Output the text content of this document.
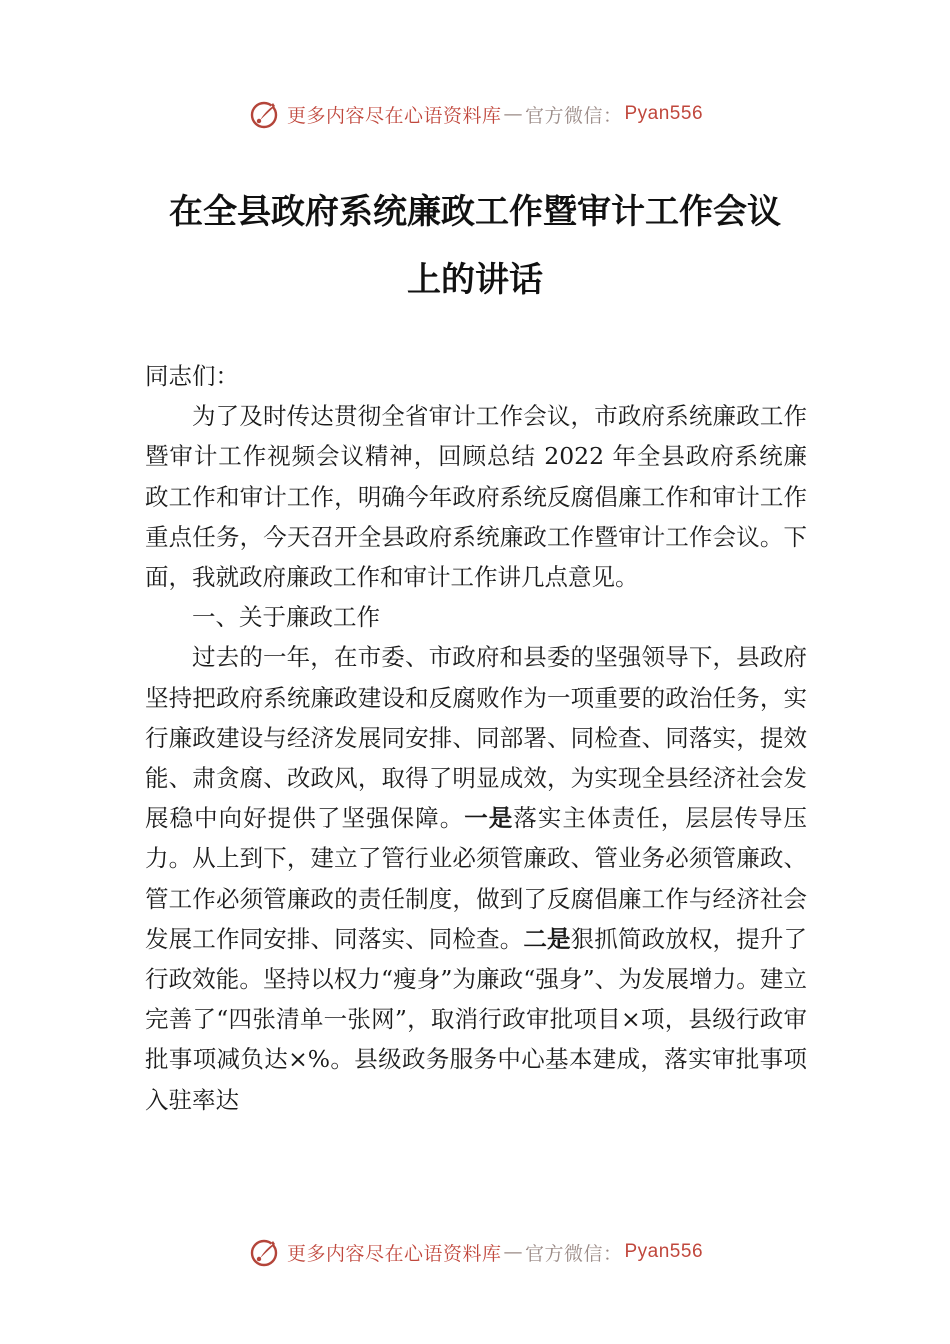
更多内容尽在心语资料库 — 官方微信： Pyan556
在全县政府系统廉政工作暨审计工作会议
上的讲话

同志们：

为了及时传达贯彻全省审计工作会议，市政府系统廉政工作暨审计工作视频会议精神，回顾总结 2022 年全县政府系统廉政工作和审计工作，明确今年政府系统反腐倡廉工作和审计工作重点任务，今天召开全县政府系统廉政工作暨审计工作会议。下面，我就政府廉政工作和审计工作讲几点意见。

一、关于廉政工作

过去的一年，在市委、市政府和县委的坚强领导下，县政府坚持把政府系统廉政建设和反腐败作为一项重要的政治任务，实行廉政建设与经济发展同安排、同部署、同检查、同落实，提效能、肃贪腐、改政风，取得了明显成效，为实现全县经济社会发展稳中向好提供了坚强保障。一是落实主体责任，层层传导压力。从上到下，建立了管行业必须管廉政、管业务必须管廉政、管工作必须管廉政的责任制度，做到了反腐倡廉工作与经济社会发展工作同安排、同落实、同检查。二是狠抓简政放权，提升了行政效能。坚持以权力“瘦身”为廉政“强身”、为发展增力。建立完善了“四张清单一张网”，取消行政审批项目×项，县级行政审批事项减负达×%。县级政务服务中心基本建成，落实审批事项入驻率达

更多内容尽在心语资料库 — 官方微信： Pyan556
